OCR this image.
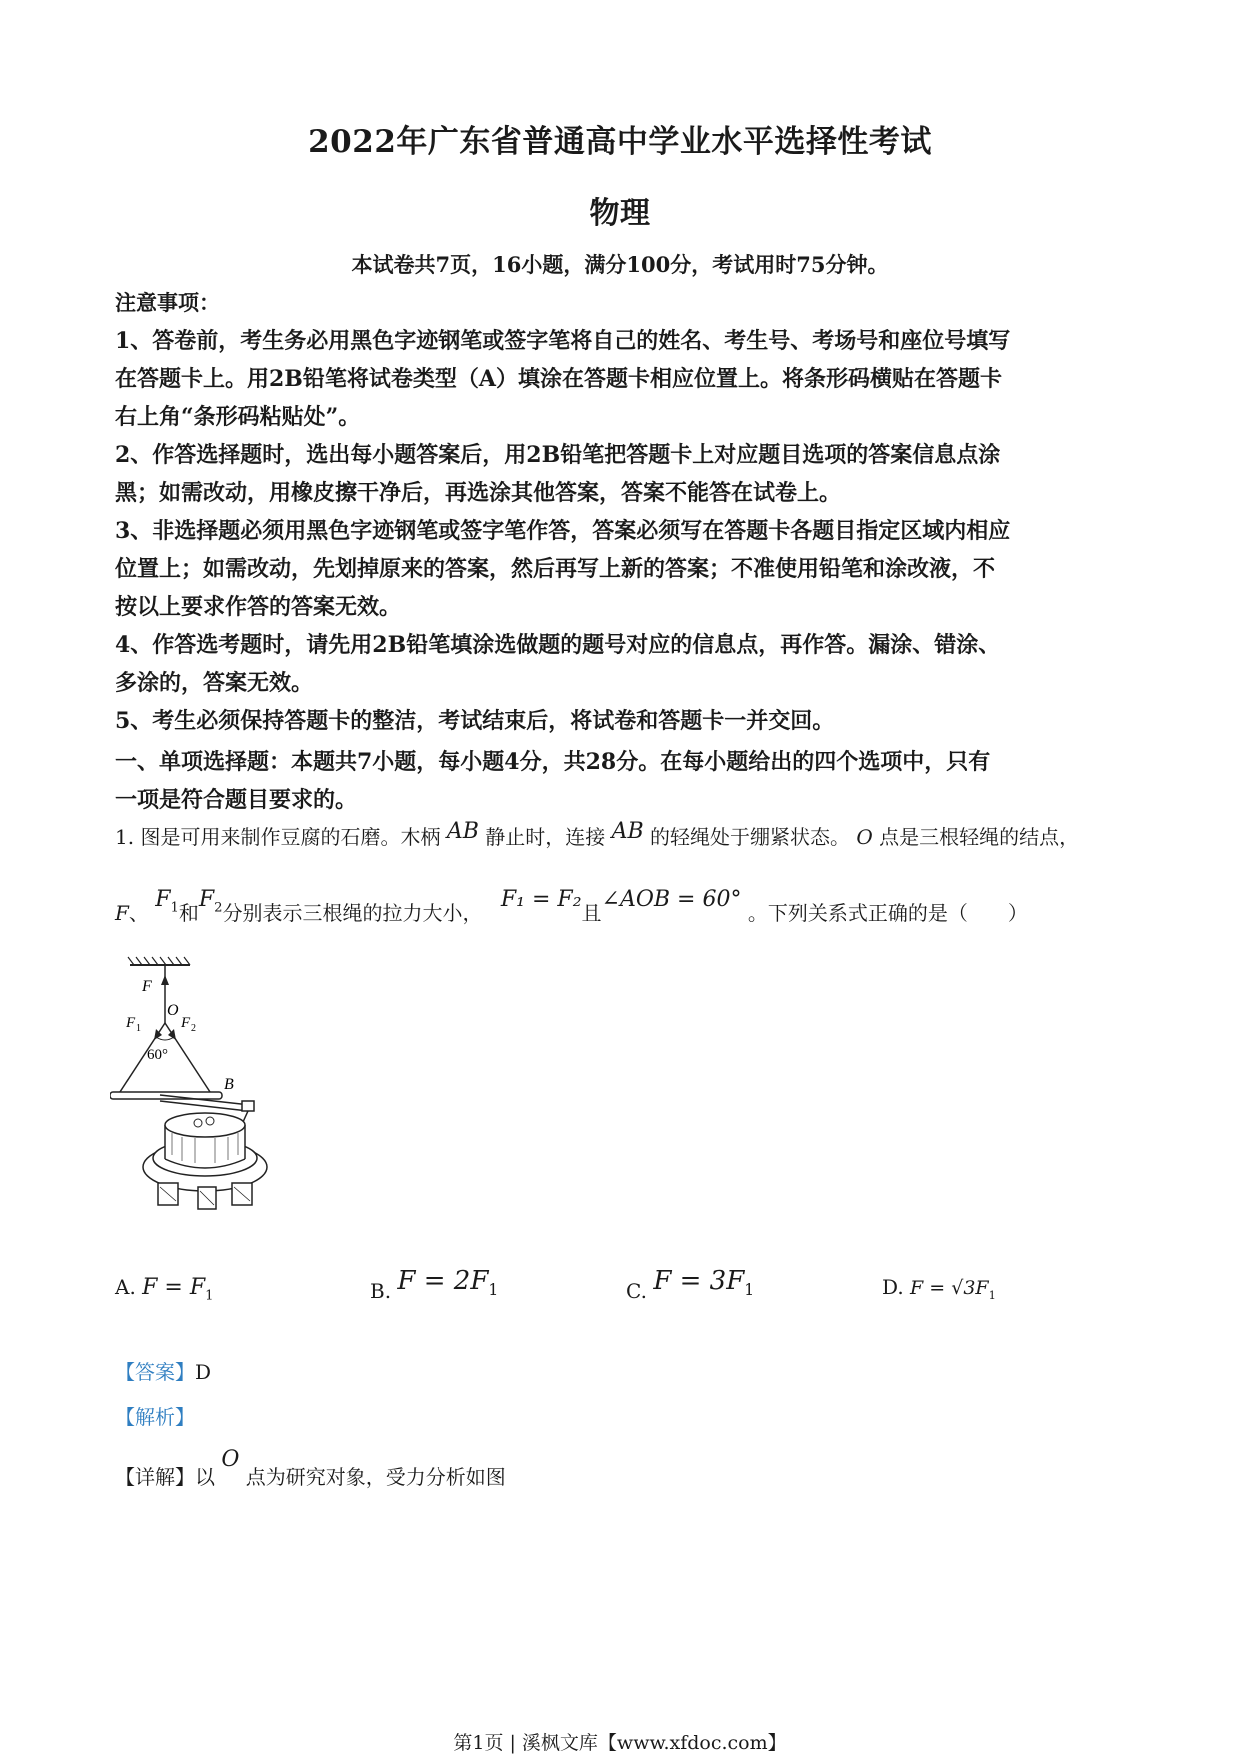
2022年广东省普通高中学业水平选择性考试
物理
本试卷共7页，16小题，满分100分，考试用时75分钟。
注意事项：
1、答卷前，考生务必用黑色字迹钢笔或签字笔将自己的姓名、考生号、考场号和座位号填写
在答题卡上。用2B铅笔将试卷类型（A）填涂在答题卡相应位置上。将条形码横贴在答题卡
右上角“条形码粘贴处”。
2、作答选择题时，选出每小题答案后，用2B铅笔把答题卡上对应题目选项的答案信息点涂
黑；如需改动，用橡皮擦干净后，再选涂其他答案，答案不能答在试卷上。
3、非选择题必须用黑色字迹钢笔或签字笔作答，答案必须写在答题卡各题目指定区域内相应
位置上；如需改动，先划掉原来的答案，然后再写上新的答案；不准使用铅笔和涂改液，不
按以上要求作答的答案无效。
4、作答选考题时，请先用2B铅笔填涂选做题的题号对应的信息点，再作答。漏涂、错涂、
多涂的，答案无效。
5、考生必须保持答题卡的整洁，考试结束后，将试卷和答题卡一并交回。
一、单项选择题：本题共7小题，每小题4分，共28分。在每小题给出的四个选项中，只有
一项是符合题目要求的。
1. 图是可用来制作豆腐的石磨。木柄 AB 静止时，连接 AB 的轻绳处于绷紧状态。 O 点是三根轻绳的结点，
F、 $F_1$和$F_2$分别表示三根绳的拉力大小， F₁ = F₂且∠AOB = 60° 。下列关系式正确的是（　　）
F
O
F 1	F 2
60°
B
A. $F = F_1$	B. $F = 2F_1$	C. $F = 3F_1$	D. $F = √3F_1$
【答案】D
【解析】
【详解】以 O 点为研究对象，受力分析如图
第1页 | 溪枫文库【www.xfdoc.com】
